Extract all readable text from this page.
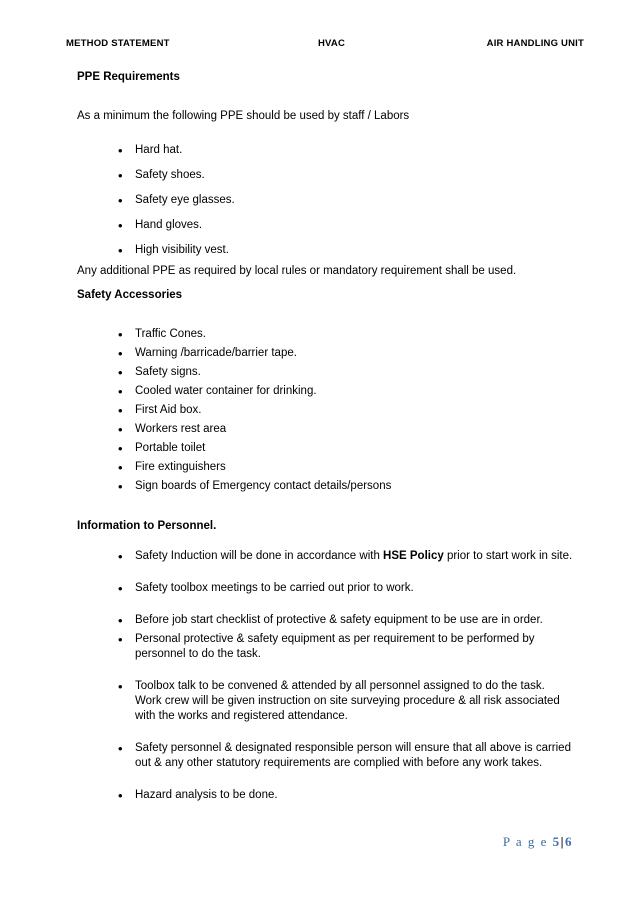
METHOD STATEMENT	HVAC	AIR HANDLING UNIT
PPE Requirements
As a minimum the following PPE should be used by staff / Labors
• Hard hat.
• Safety shoes.
• Safety eye glasses.
• Hand gloves.
• High visibility vest.
Any additional PPE as required by local rules or mandatory requirement shall be used.
Safety Accessories
• Traffic Cones.
• Warning /barricade/barrier tape.
• Safety signs.
• Cooled water container for drinking.
• First Aid box.
• Workers rest area
• Portable toilet
• Fire extinguishers
• Sign boards of Emergency contact details/persons
Information to Personnel.
• Safety Induction will be done in accordance with HSE Policy prior to start work in site.
• Safety toolbox meetings to be carried out prior to work.
• Before job start checklist of protective & safety equipment to be use are in order.
• Personal protective & safety equipment as per requirement to be performed by
personnel to do the task.
• Toolbox talk to be convened & attended by all personnel assigned to do the task.
Work crew will be given instruction on site surveying procedure & all risk associated
with the works and registered attendance.
• Safety personnel & designated responsible person will ensure that all above is carried
out & any other statutory requirements are complied with before any work takes.
• Hazard analysis to be done.
P a g e 5|6
